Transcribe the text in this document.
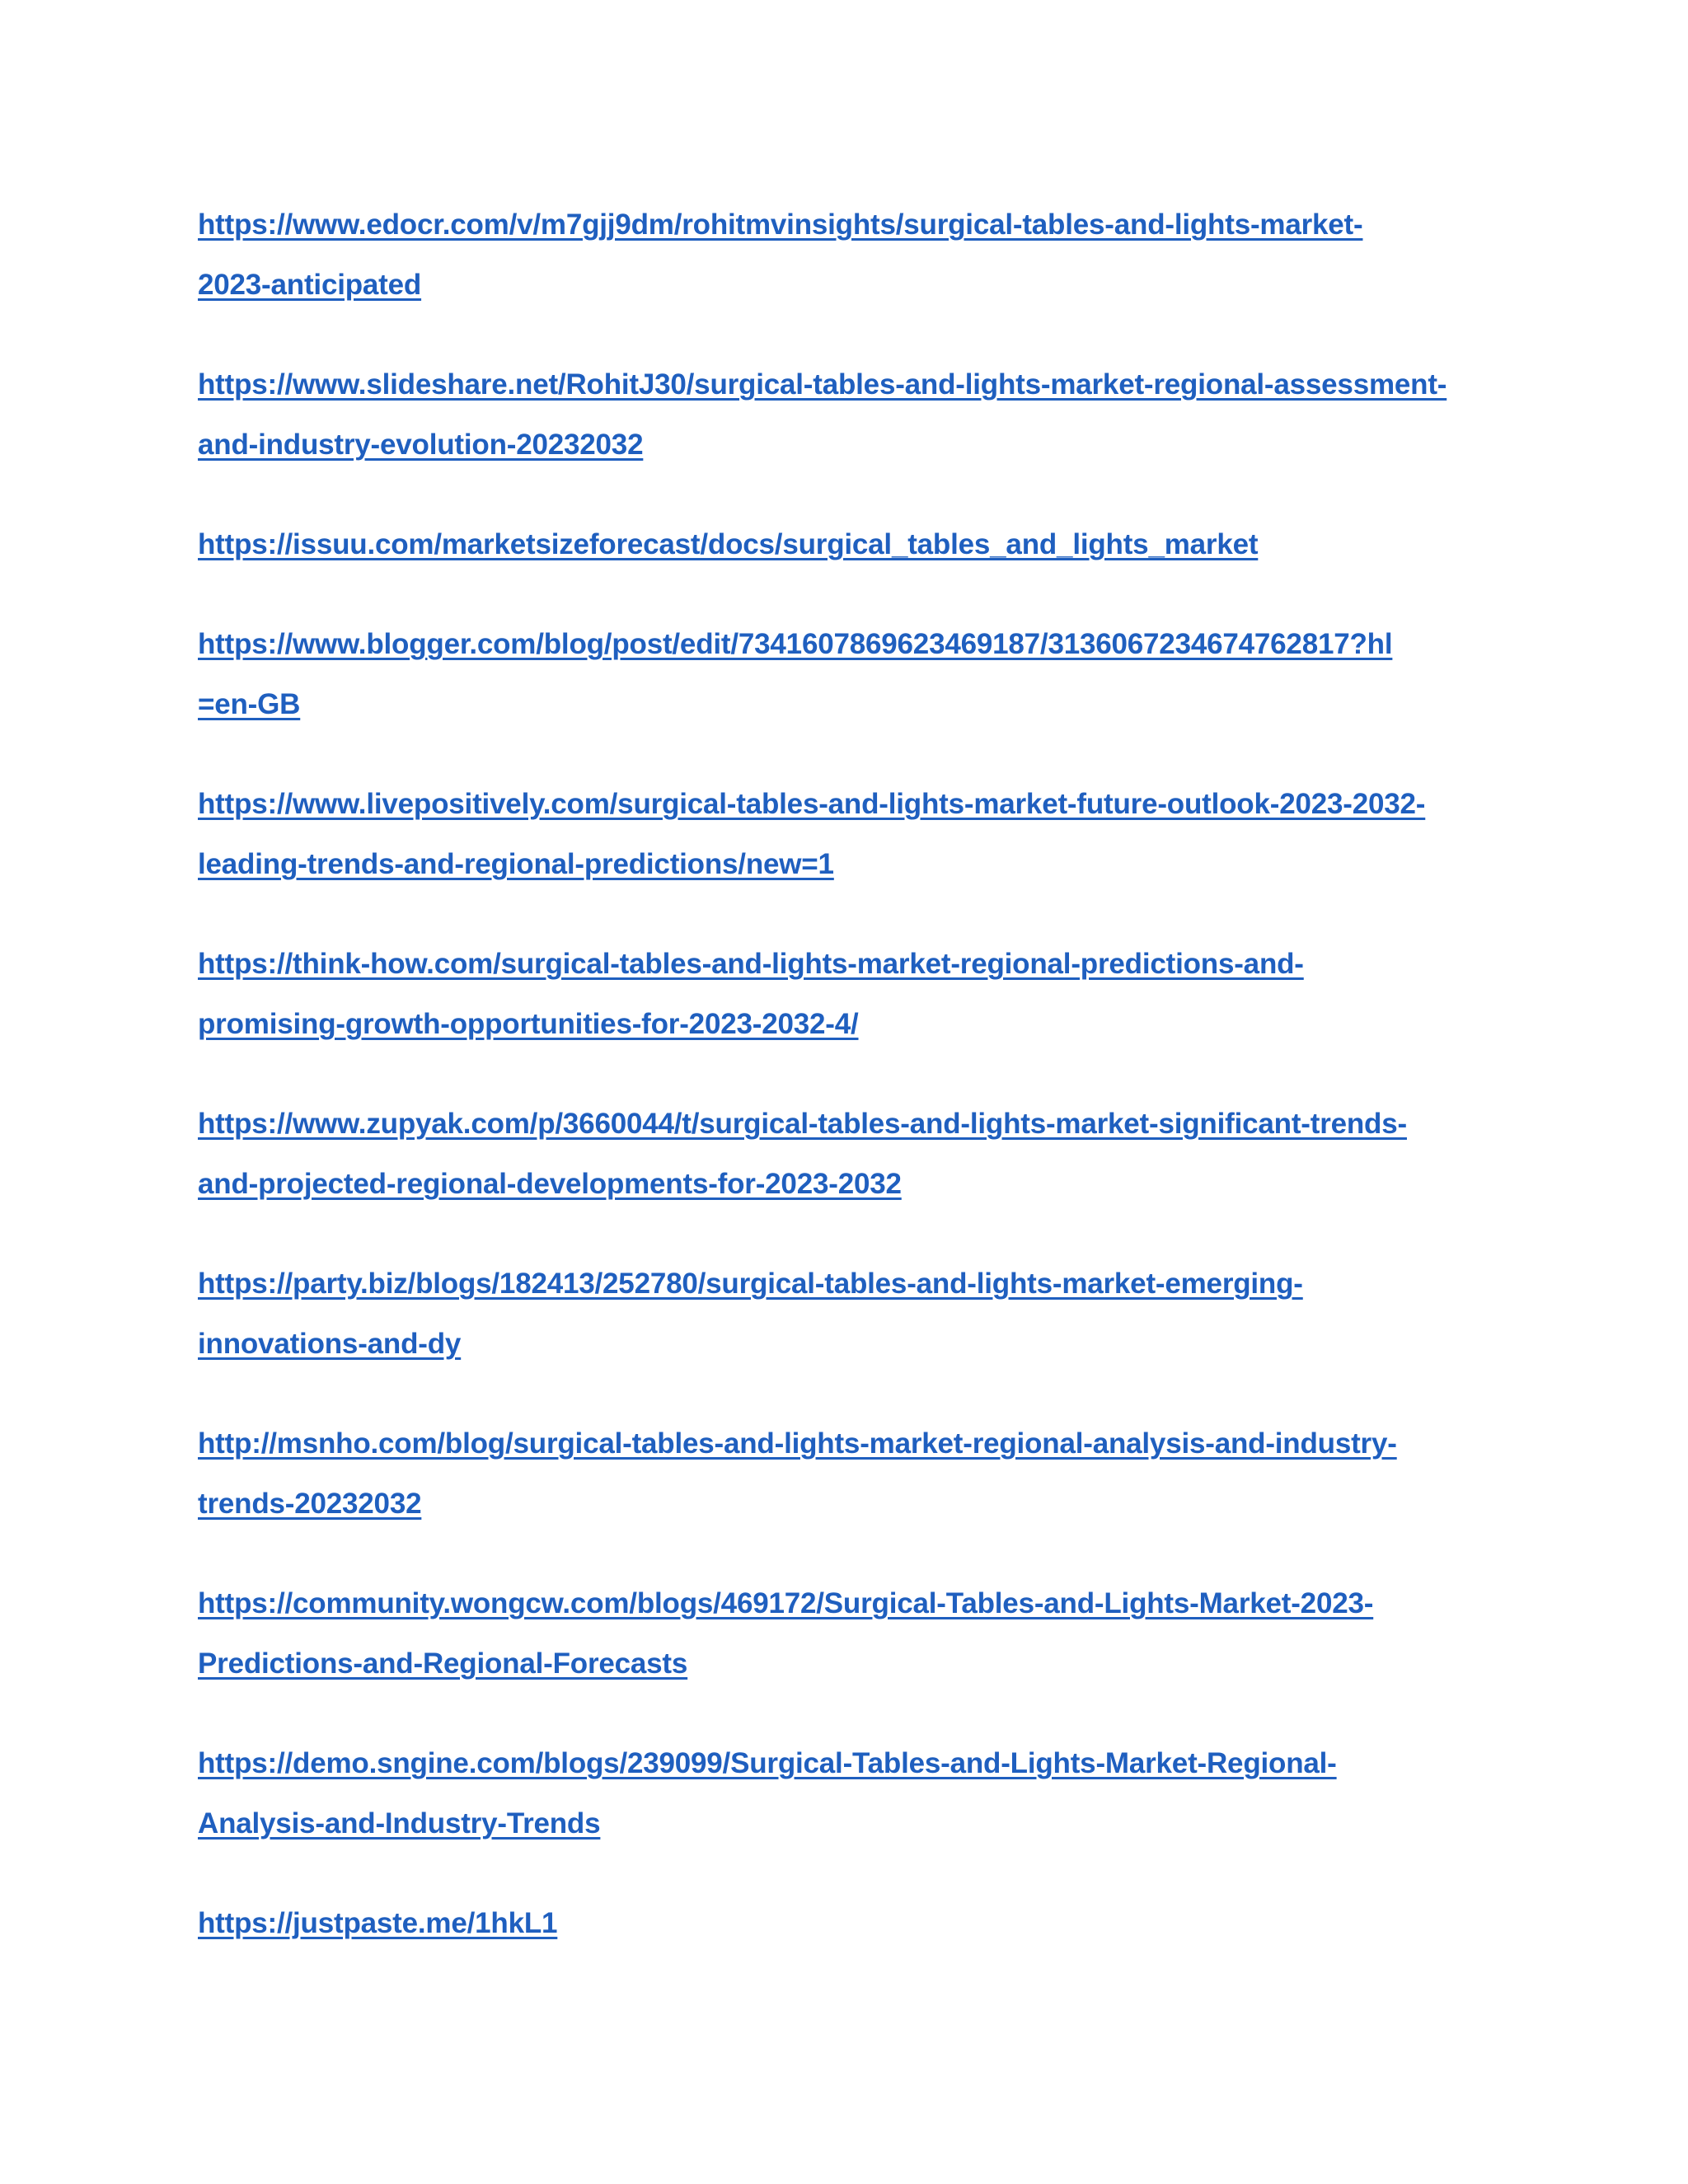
https://www.edocr.com/v/m7gjj9dm/rohitmvinsights/surgical-tables-and-lights-market-
2023-anticipated
https://www.slideshare.net/RohitJ30/surgical-tables-and-lights-market-regional-assessment-
and-industry-evolution-20232032
https://issuu.com/marketsizeforecast/docs/surgical_tables_and_lights_market
https://www.blogger.com/blog/post/edit/7341607869623469187/3136067234674762817?hl
=en-GB
https://www.livepositively.com/surgical-tables-and-lights-market-future-outlook-2023-2032-
leading-trends-and-regional-predictions/new=1
https://think-how.com/surgical-tables-and-lights-market-regional-predictions-and-
promising-growth-opportunities-for-2023-2032-4/
https://www.zupyak.com/p/3660044/t/surgical-tables-and-lights-market-significant-trends-
and-projected-regional-developments-for-2023-2032
https://party.biz/blogs/182413/252780/surgical-tables-and-lights-market-emerging-
innovations-and-dy
http://msnho.com/blog/surgical-tables-and-lights-market-regional-analysis-and-industry-
trends-20232032
https://community.wongcw.com/blogs/469172/Surgical-Tables-and-Lights-Market-2023-
Predictions-and-Regional-Forecasts
https://demo.sngine.com/blogs/239099/Surgical-Tables-and-Lights-Market-Regional-
Analysis-and-Industry-Trends
https://justpaste.me/1hkL1
